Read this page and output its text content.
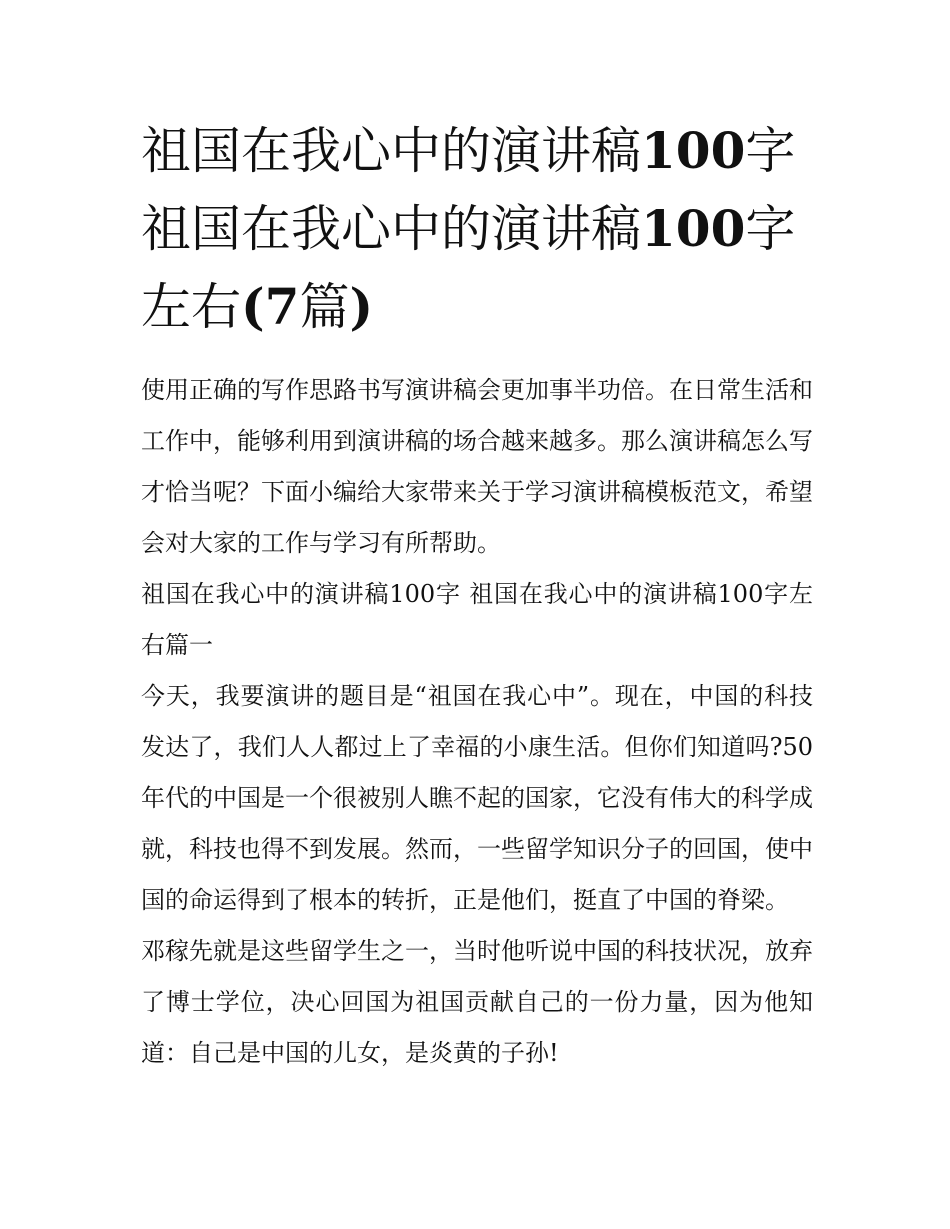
祖国在我心中的演讲稿100字
祖国在我心中的演讲稿100字
左右(7篇)

使用正确的写作思路书写演讲稿会更加事半功倍。在日常生活和工作中，能够利用到演讲稿的场合越来越多。那么演讲稿怎么写才恰当呢？下面小编给大家带来关于学习演讲稿模板范文，希望会对大家的工作与学习有所帮助。

祖国在我心中的演讲稿100字 祖国在我心中的演讲稿100字左右篇一

今天，我要演讲的题目是“祖国在我心中”。现在，中国的科技发达了，我们人人都过上了幸福的小康生活。但你们知道吗?50年代的中国是一个很被别人瞧不起的国家，它没有伟大的科学成就，科技也得不到发展。然而，一些留学知识分子的回国，使中国的命运得到了根本的转折，正是他们，挺直了中国的脊梁。

邓稼先就是这些留学生之一，当时他听说中国的科技状况，放弃了博士学位，决心回国为祖国贡献自己的一份力量，因为他知道：自己是中国的儿女，是炎黄的子孙!
